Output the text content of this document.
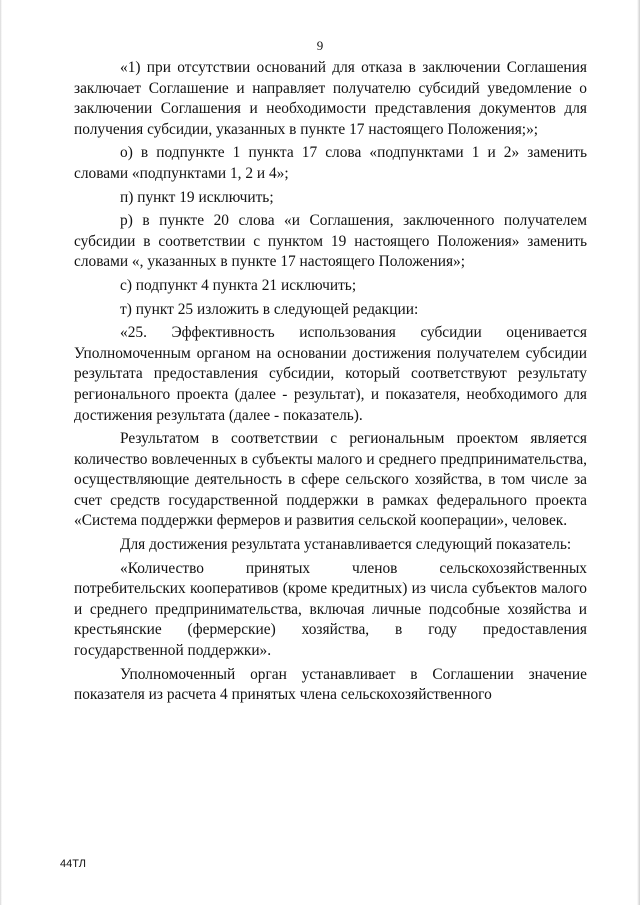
9

«1) при отсутствии оснований для отказа в заключении Соглашения заключает Соглашение и направляет получателю субсидий уведомление о заключении Соглашения и необходимости представления документов для получения субсидии, указанных в пункте 17 настоящего Положения;»;

о) в подпункте 1 пункта 17 слова «подпунктами 1 и 2» заменить словами «подпунктами 1, 2 и 4»;

п) пункт 19 исключить;

р) в пункте 20 слова «и Соглашения, заключенного получателем субсидии в соответствии с пунктом 19 настоящего Положения» заменить словами «, указанных в пункте 17 настоящего Положения»;

с) подпункт 4 пункта 21 исключить;

т) пункт 25 изложить в следующей редакции:

«25. Эффективность использования субсидии оценивается Уполномоченным органом на основании достижения получателем субсидии результата предоставления субсидии, который соответствуют результату регионального проекта (далее - результат), и показателя, необходимого для достижения результата (далее - показатель).

Результатом в соответствии с региональным проектом является количество вовлеченных в субъекты малого и среднего предпринимательства, осуществляющие деятельность в сфере сельского хозяйства, в том числе за счет средств государственной поддержки в рамках федерального проекта «Система поддержки фермеров и развития сельской кооперации», человек.

Для достижения результата устанавливается следующий показатель:

«Количество принятых членов сельскохозяйственных потребительских кооперативов (кроме кредитных) из числа субъектов малого и среднего предпринимательства, включая личные подсобные хозяйства и крестьянские (фермерские) хозяйства, в году предоставления государственной поддержки».

Уполномоченный орган устанавливает в Соглашении значение показателя из расчета 4 принятых члена сельскохозяйственного

44ТЛ
